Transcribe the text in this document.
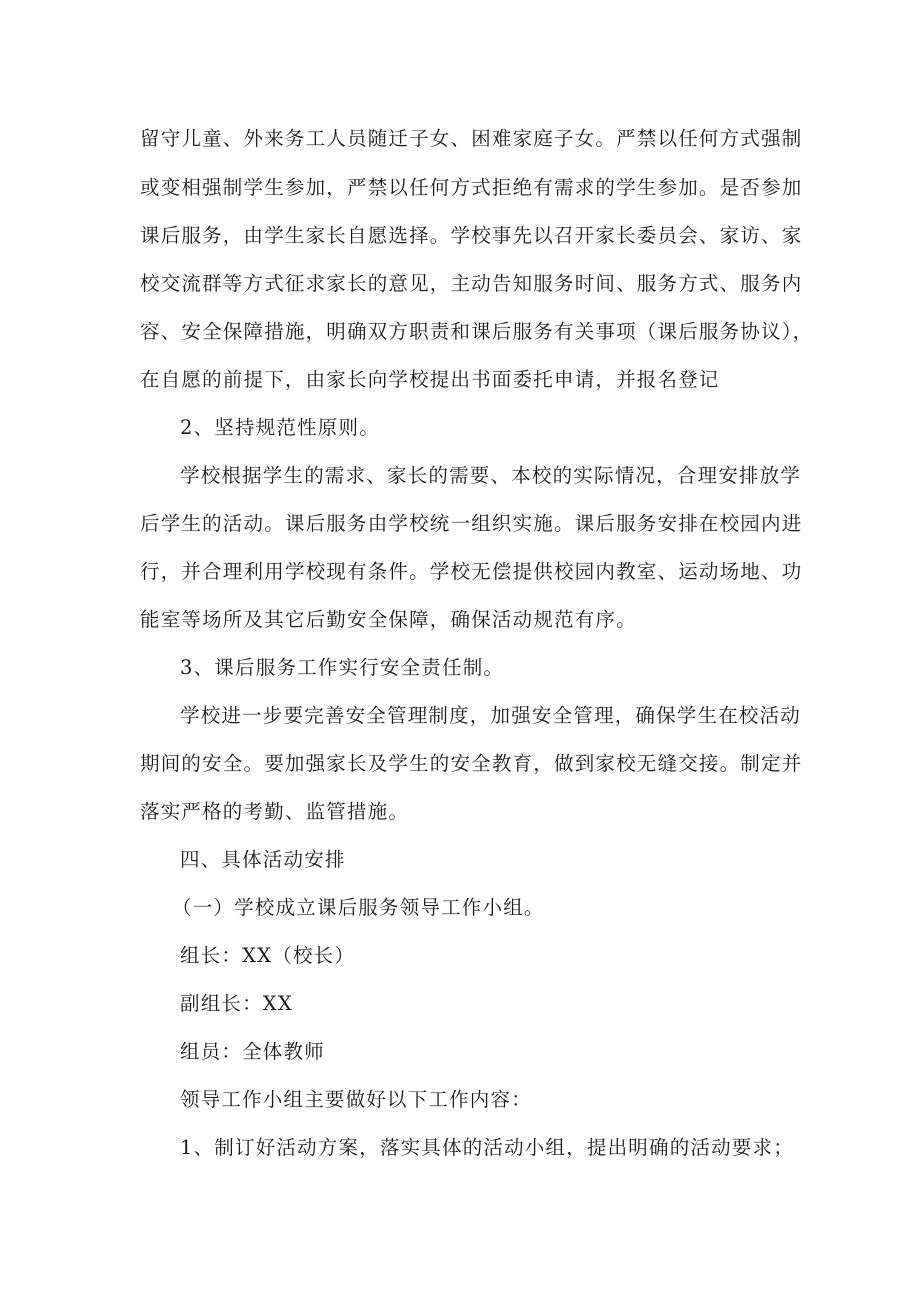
留守儿童、外来务工人员随迁子女、困难家庭子女。严禁以任何方式强制
或变相强制学生参加，严禁以任何方式拒绝有需求的学生参加。是否参加
课后服务，由学生家长自愿选择。学校事先以召开家长委员会、家访、家
校交流群等方式征求家长的意见，主动告知服务时间、服务方式、服务内
容、安全保障措施，明确双方职责和课后服务有关事项（课后服务协议），
在自愿的前提下，由家长向学校提出书面委托申请，并报名登记
2、坚持规范性原则。
学校根据学生的需求、家长的需要、本校的实际情况，合理安排放学
后学生的活动。课后服务由学校统一组织实施。课后服务安排在校园内进
行，并合理利用学校现有条件。学校无偿提供校园内教室、运动场地、功
能室等场所及其它后勤安全保障，确保活动规范有序。
3、课后服务工作实行安全责任制。
学校进一步要完善安全管理制度，加强安全管理，确保学生在校活动
期间的安全。要加强家长及学生的安全教育，做到家校无缝交接。制定并
落实严格的考勤、监管措施。
四、具体活动安排
（一）学校成立课后服务领导工作小组。
组长：XX（校长）
副组长：XX
组员：全体教师
领导工作小组主要做好以下工作内容：
1、制订好活动方案，落实具体的活动小组，提出明确的活动要求；
